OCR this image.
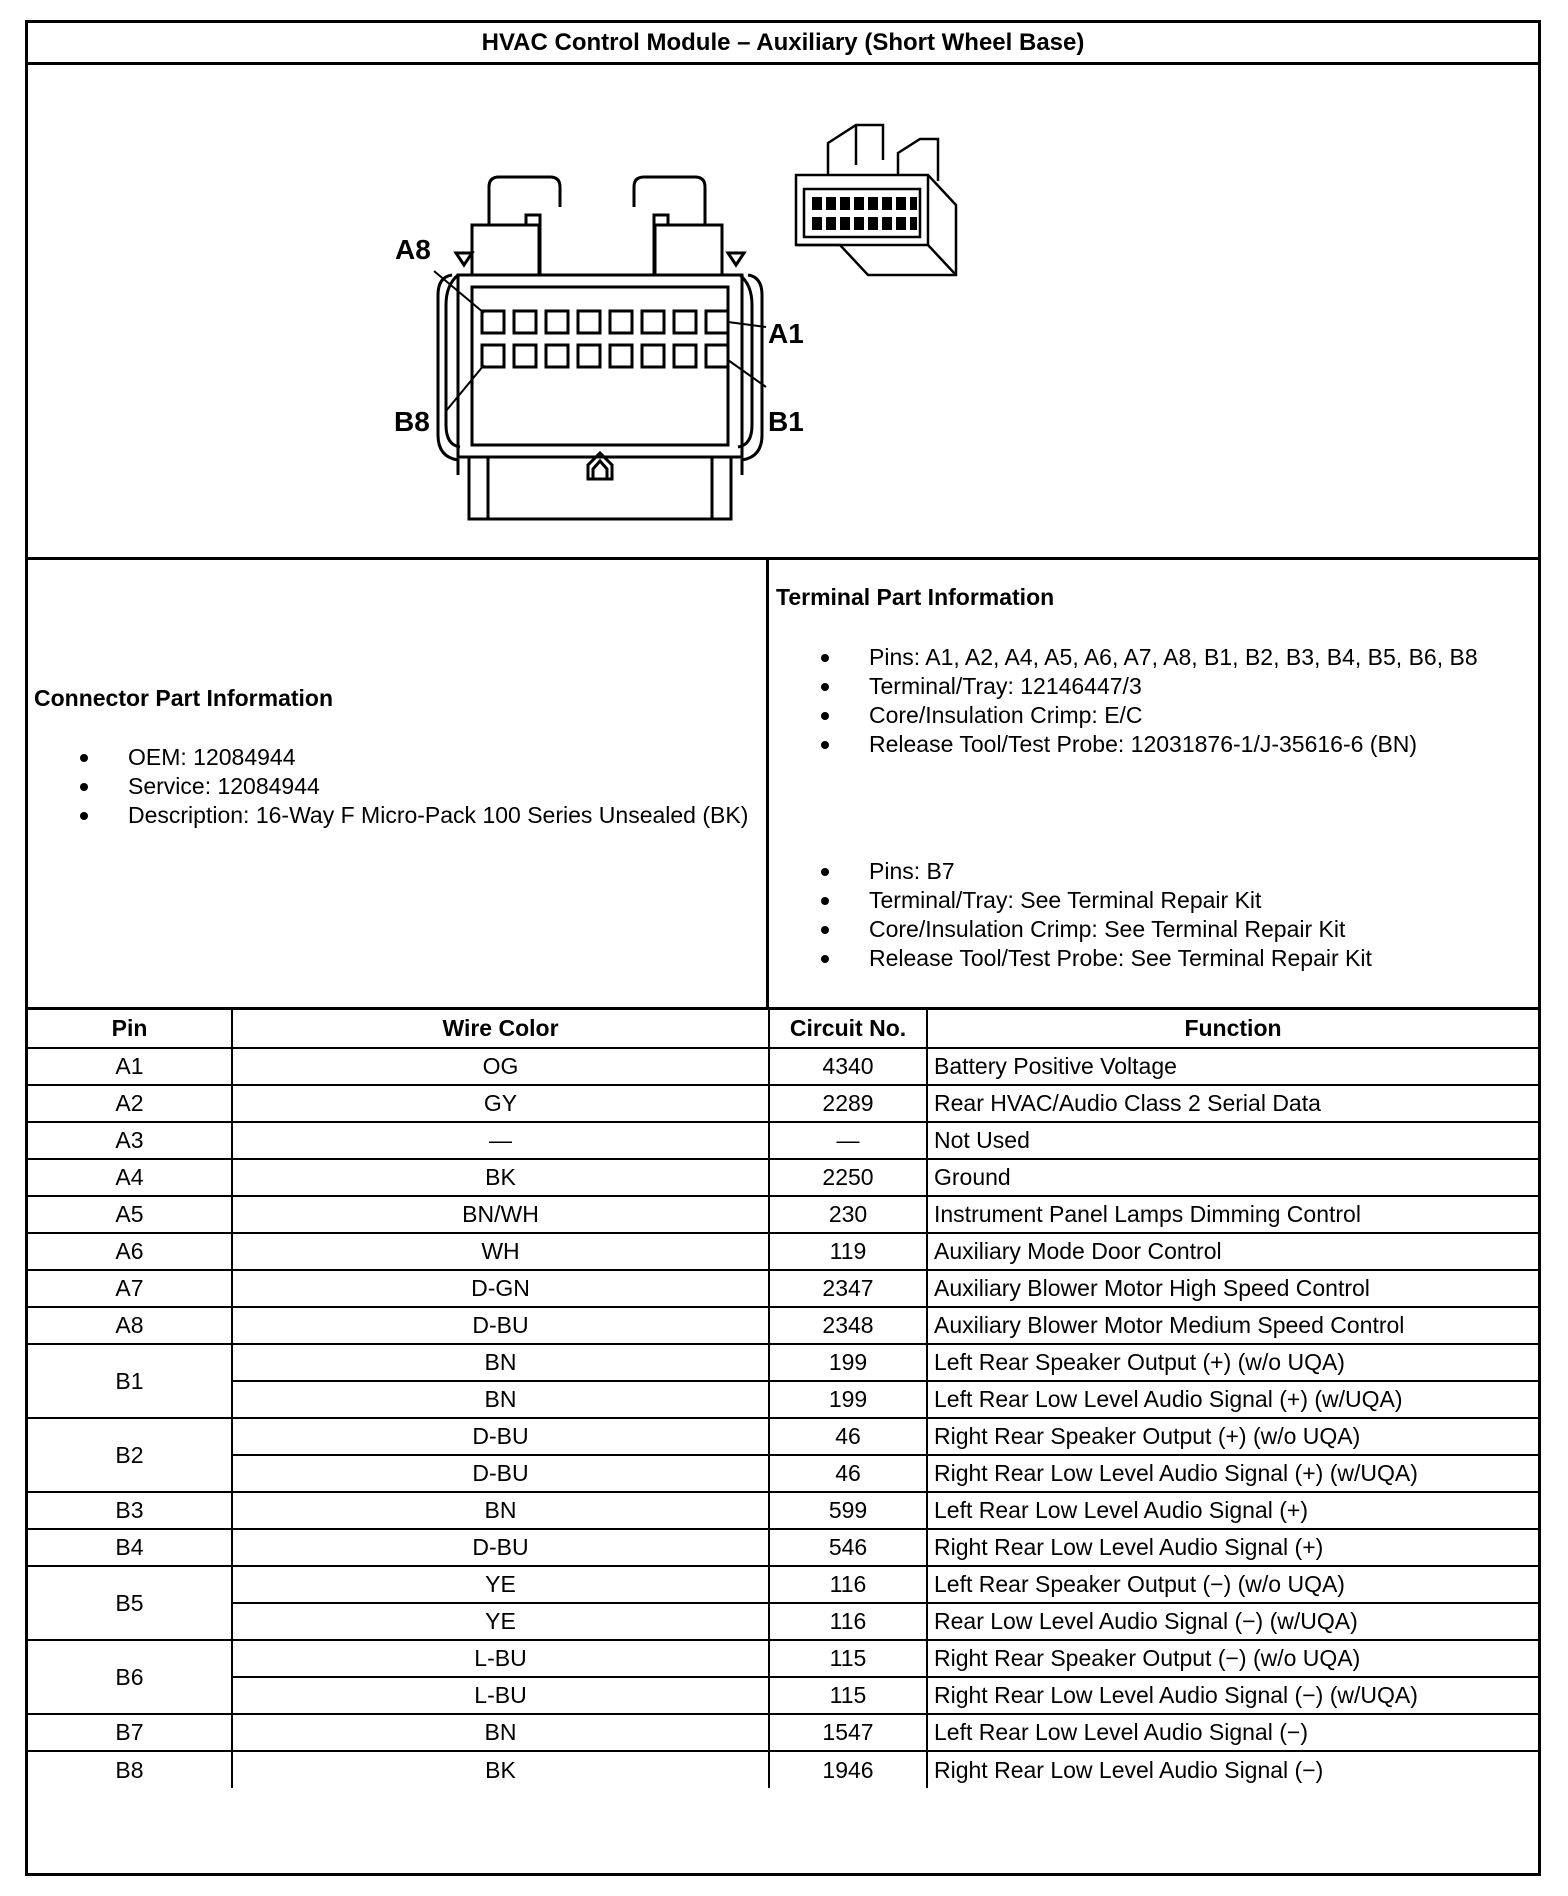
HVAC Control Module – Auxiliary (Short Wheel Base)
A8
A1
B8	B1
Connector Part Information
OEM: 12084944
Service: 12084944
Description: 16-Way F Micro-Pack 100 Series Unsealed (BK)
Terminal Part Information
Pins: A1, A2, A4, A5, A6, A7, A8, B1, B2, B3, B4, B5, B6, B8
Terminal/Tray: 12146447/3
Core/Insulation Crimp: E/C
Release Tool/Test Probe: 12031876-1/J-35616-6 (BN)
Pins: B7
Terminal/Tray: See Terminal Repair Kit
Core/Insulation Crimp: See Terminal Repair Kit
Release Tool/Test Probe: See Terminal Repair Kit
Pin	Wire Color	Circuit No.	Function
A1	OG	4340	Battery Positive Voltage
A2	GY	2289	Rear HVAC/Audio Class 2 Serial Data
A3	—	—	Not Used
A4	BK	2250	Ground
A5	BN/WH	230	Instrument Panel Lamps Dimming Control
A6	WH	119	Auxiliary Mode Door Control
A7	D-GN	2347	Auxiliary Blower Motor High Speed Control
A8	D-BU	2348	Auxiliary Blower Motor Medium Speed Control
B1	BN	199	Left Rear Speaker Output (+) (w/o UQA)
	BN	199	Left Rear Low Level Audio Signal (+) (w/UQA)
B2	D-BU	46	Right Rear Speaker Output (+) (w/o UQA)
	D-BU	46	Right Rear Low Level Audio Signal (+) (w/UQA)
B3	BN	599	Left Rear Low Level Audio Signal (+)
B4	D-BU	546	Right Rear Low Level Audio Signal (+)
B5	YE	116	Left Rear Speaker Output (−) (w/o UQA)
	YE	116	Rear Low Level Audio Signal (−) (w/UQA)
B6	L-BU	115	Right Rear Speaker Output (−) (w/o UQA)
	L-BU	115	Right Rear Low Level Audio Signal (−) (w/UQA)
B7	BN	1547	Left Rear Low Level Audio Signal (−)
B8	BK	1946	Right Rear Low Level Audio Signal (−)
